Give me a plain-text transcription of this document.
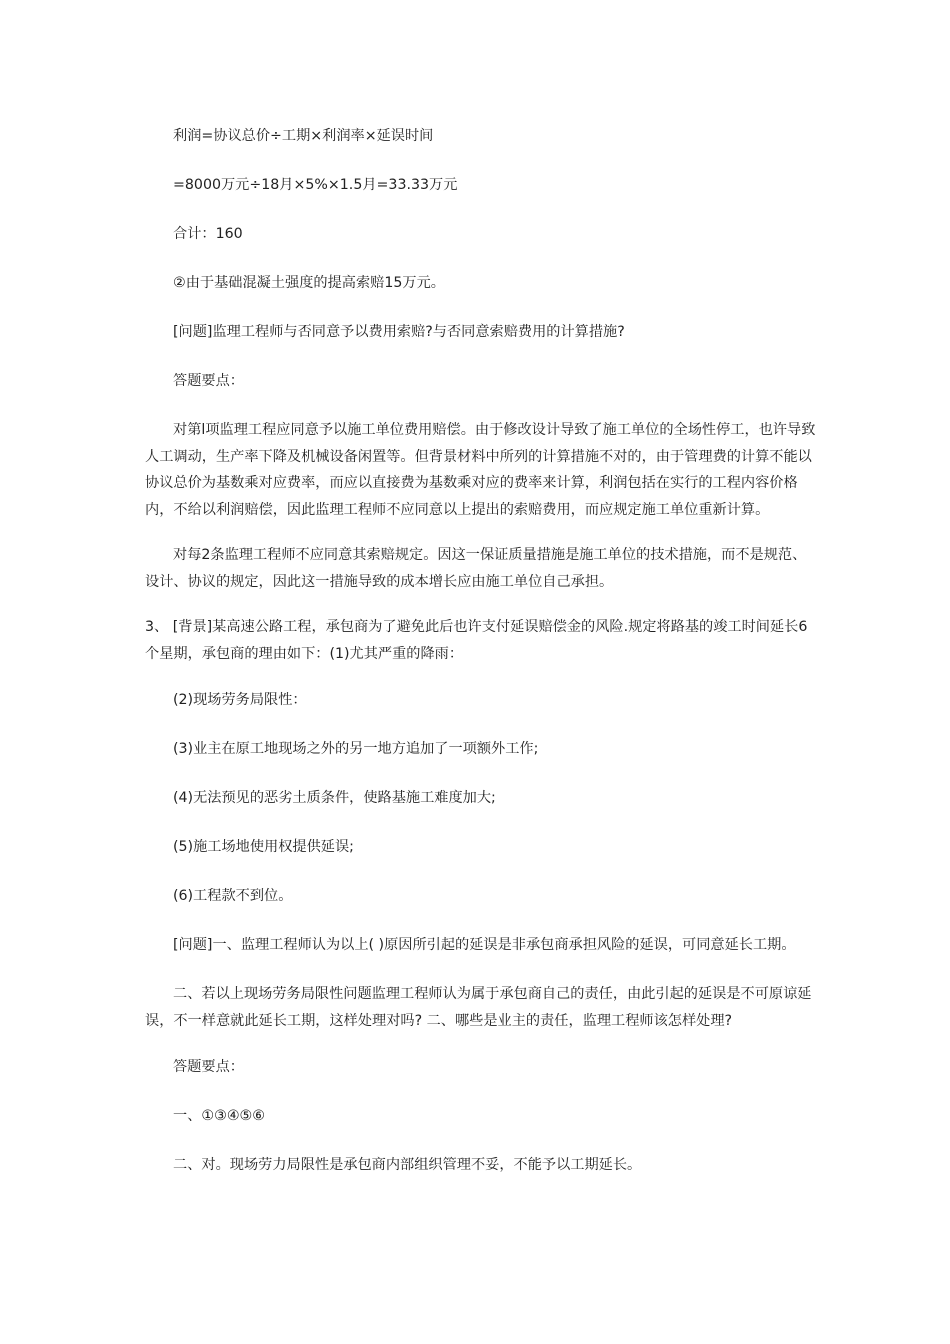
利润=协议总价÷工期×利润率×延误时间

=8000万元÷18月×5%×1.5月=33.33万元

合计：160

②由于基础混凝土强度的提高索赔15万元。

[问题]监理工程师与否同意予以费用索赔?与否同意索赔费用的计算措施?

答题要点：

对第l项监理工程应同意予以施工单位费用赔偿。由于修改设计导致了施工单位的全场性停工，也许导致人工调动，生产率下降及机械设备闲置等。但背景材料中所列的计算措施不对的，由于管理费的计算不能以协议总价为基数乘对应费率，而应以直接费为基数乘对应的费率来计算，利润包括在实行的工程内容价格内，不给以利润赔偿，因此监理工程师不应同意以上提出的索赔费用，而应规定施工单位重新计算。

对每2条监理工程师不应同意其索赔规定。因这一保证质量措施是施工单位的技术措施，而不是规范、设计、协议的规定，因此这一措施导致的成本增长应由施工单位自己承担。

3、 [背景]某高速公路工程，承包商为了避免此后也许支付延误赔偿金的风险.规定将路基的竣工时间延长6个星期，承包商的理由如下：(1)尤其严重的降雨：

(2)现场劳务局限性：

(3)业主在原工地现场之外的另一地方追加了一项额外工作;

(4)无法预见的恶劣土质条件，使路基施工难度加大;

(5)施工场地使用权提供延误;

(6)工程款不到位。

[问题]一、监理工程师认为以上( )原因所引起的延误是非承包商承担风险的延误，可同意延长工期。

二、若以上现场劳务局限性问题监理工程师认为属于承包商自己的责任，由此引起的延误是不可原谅延误，不一样意就此延长工期，这样处理对吗? 二、哪些是业主的责任，监理工程师该怎样处理?

答题要点：

一、①③④⑤⑥

二、对。现场劳力局限性是承包商内部组织管理不妥，不能予以工期延长。
